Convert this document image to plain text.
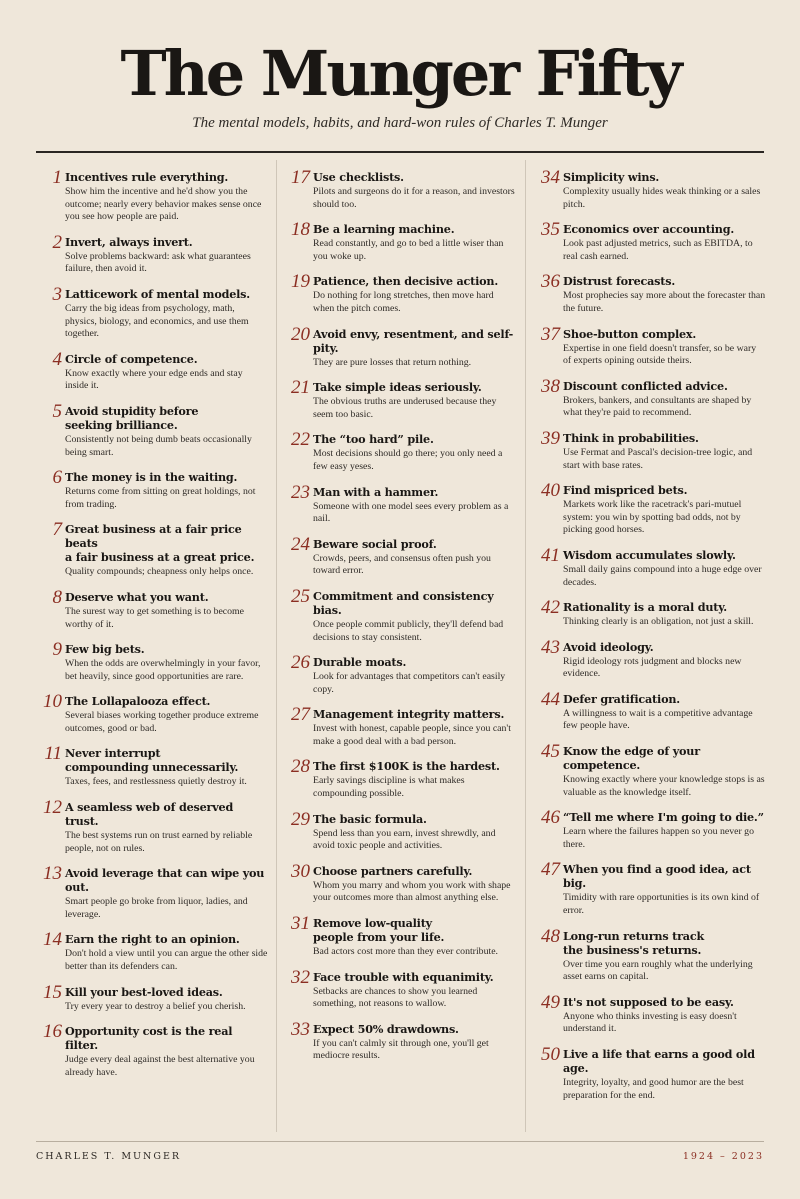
The Munger Fifty
The mental models, habits, and hard-won rules of Charles T. Munger
1 Incentives rule everything.
Show him the incentive and he'd show you the outcome; nearly every behavior makes sense once you see how people are paid.
2 Invert, always invert.
Solve problems backward: ask what guarantees failure, then avoid it.
3 Latticework of mental models.
Carry the big ideas from psychology, math, physics, biology, and economics, and use them together.
4 Circle of competence.
Know exactly where your edge ends and stay inside it.
5 Avoid stupidity before
seeking brilliance.
Consistently not being dumb beats occasionally being smart.
6 The money is in the waiting.
Returns come from sitting on great holdings, not from trading.
7 Great business at a fair price beats
a fair business at a great price.
Quality compounds; cheapness only helps once.
8 Deserve what you want.
The surest way to get something is to become worthy of it.
9 Few big bets.
When the odds are overwhelmingly in your favor, bet heavily, since good opportunities are rare.
10 The Lollapalooza effect.
Several biases working together produce extreme outcomes, good or bad.
11 Never interrupt
compounding unnecessarily.
Taxes, fees, and restlessness quietly destroy it.
12 A seamless web of deserved trust.
The best systems run on trust earned by reliable people, not on rules.
13 Avoid leverage that can wipe you out.
Smart people go broke from liquor, ladies, and leverage.
14 Earn the right to an opinion.
Don't hold a view until you can argue the other side better than its defenders can.
15 Kill your best-loved ideas.
Try every year to destroy a belief you cherish.
16 Opportunity cost is the real filter.
Judge every deal against the best alternative you already have.
17 Use checklists.
Pilots and surgeons do it for a reason, and investors should too.
18 Be a learning machine.
Read constantly, and go to bed a little wiser than you woke up.
19 Patience, then decisive action.
Do nothing for long stretches, then move hard when the pitch comes.
20 Avoid envy, resentment, and self-pity.
They are pure losses that return nothing.
21 Take simple ideas seriously.
The obvious truths are underused because they seem too basic.
22 The “too hard” pile.
Most decisions should go there; you only need a few easy yeses.
23 Man with a hammer.
Someone with one model sees every problem as a nail.
24 Beware social proof.
Crowds, peers, and consensus often push you toward error.
25 Commitment and consistency bias.
Once people commit publicly, they'll defend bad decisions to stay consistent.
26 Durable moats.
Look for advantages that competitors can't easily copy.
27 Management integrity matters.
Invest with honest, capable people, since you can't make a good deal with a bad person.
28 The first $100K is the hardest.
Early savings discipline is what makes compounding possible.
29 The basic formula.
Spend less than you earn, invest shrewdly, and avoid toxic people and activities.
30 Choose partners carefully.
Whom you marry and whom you work with shape your outcomes more than almost anything else.
31 Remove low-quality
people from your life.
Bad actors cost more than they ever contribute.
32 Face trouble with equanimity.
Setbacks are chances to show you learned something, not reasons to wallow.
33 Expect 50% drawdowns.
If you can't calmly sit through one, you'll get mediocre results.
34 Simplicity wins.
Complexity usually hides weak thinking or a sales pitch.
35 Economics over accounting.
Look past adjusted metrics, such as EBITDA, to real cash earned.
36 Distrust forecasts.
Most prophecies say more about the forecaster than the future.
37 Shoe-button complex.
Expertise in one field doesn't transfer, so be wary of experts opining outside theirs.
38 Discount conflicted advice.
Brokers, bankers, and consultants are shaped by what they're paid to recommend.
39 Think in probabilities.
Use Fermat and Pascal's decision-tree logic, and start with base rates.
40 Find mispriced bets.
Markets work like the racetrack's pari-mutuel system: you win by spotting bad odds, not by picking good horses.
41 Wisdom accumulates slowly.
Small daily gains compound into a huge edge over decades.
42 Rationality is a moral duty.
Thinking clearly is an obligation, not just a skill.
43 Avoid ideology.
Rigid ideology rots judgment and blocks new evidence.
44 Defer gratification.
A willingness to wait is a competitive advantage few people have.
45 Know the edge of your competence.
Knowing exactly where your knowledge stops is as valuable as the knowledge itself.
46 “Tell me where I'm going to die.”
Learn where the failures happen so you never go there.
47 When you find a good idea, act big.
Timidity with rare opportunities is its own kind of error.
48 Long-run returns track
the business's returns.
Over time you earn roughly what the underlying asset earns on capital.
49 It's not supposed to be easy.
Anyone who thinks investing is easy doesn't understand it.
50 Live a life that earns a good old age.
Integrity, loyalty, and good humor are the best preparation for the end.
CHARLES T. MUNGER	1924 – 2023
